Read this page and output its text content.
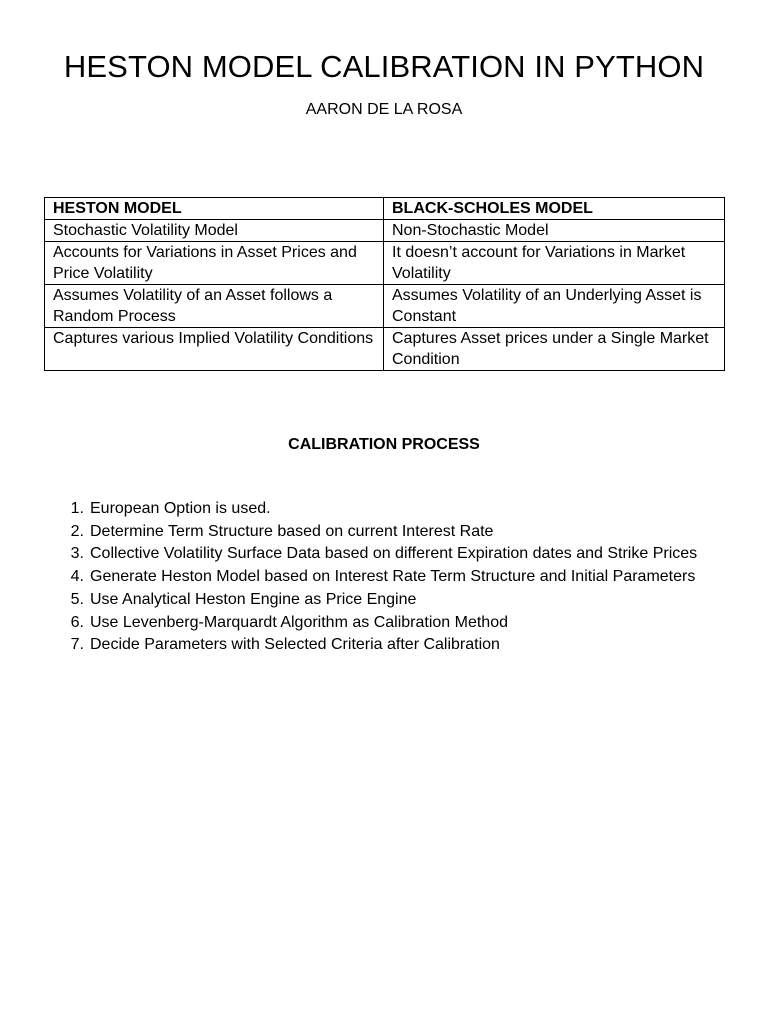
HESTON MODEL CALIBRATION IN PYTHON
AARON DE LA ROSA
HESTON MODEL	BLACK-SCHOLES MODEL
Stochastic Volatility Model	Non-Stochastic Model
Accounts for Variations in Asset Prices and Price Volatility	It doesn’t account for Variations in Market Volatility
Assumes Volatility of an Asset follows a Random Process	Assumes Volatility of an Underlying Asset is Constant
Captures various Implied Volatility Conditions	Captures Asset prices under a Single Market Condition
CALIBRATION PROCESS
1. European Option is used.
2. Determine Term Structure based on current Interest Rate
3. Collective Volatility Surface Data based on different Expiration dates and Strike Prices
4. Generate Heston Model based on Interest Rate Term Structure and Initial Parameters
5. Use Analytical Heston Engine as Price Engine
6. Use Levenberg-Marquardt Algorithm as Calibration Method
7. Decide Parameters with Selected Criteria after Calibration
